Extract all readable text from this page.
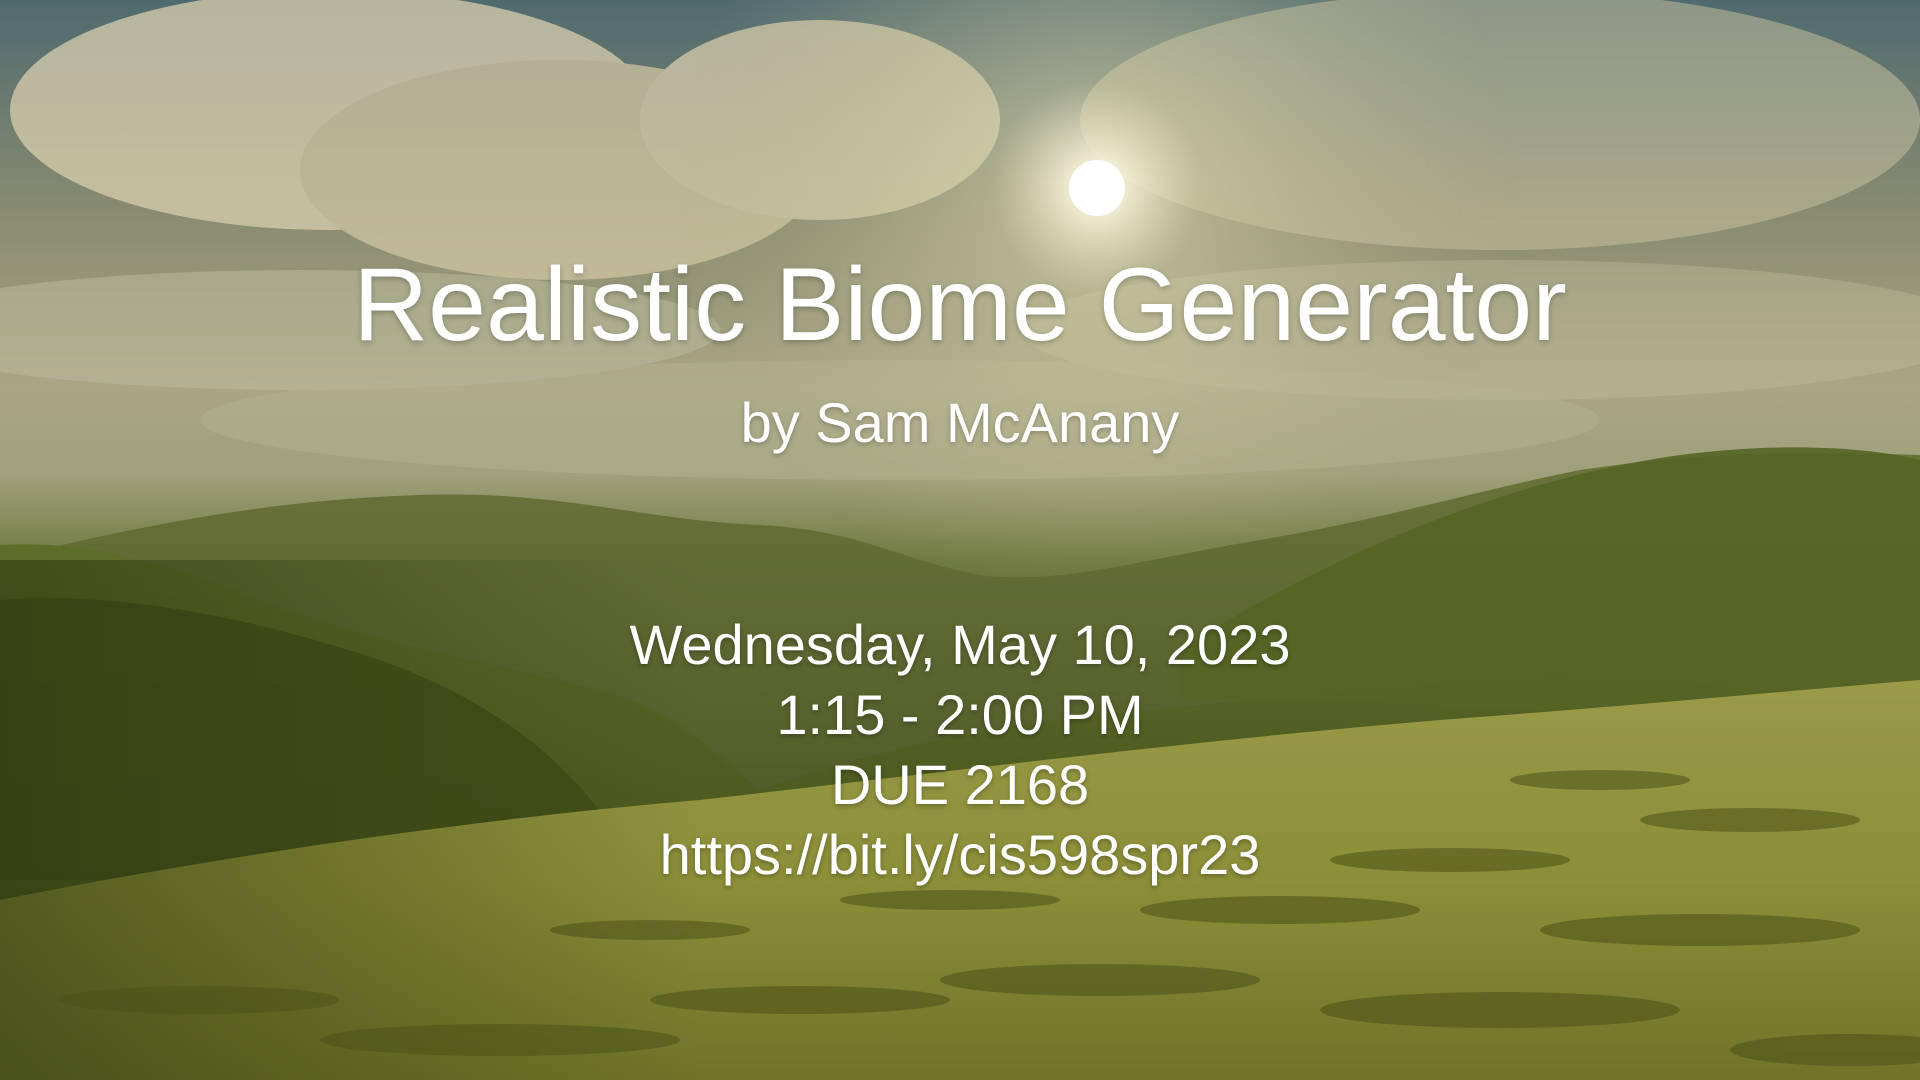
Realistic Biome Generator

by Sam McAnany

Wednesday, May 10, 2023
1:15 - 2:00 PM
DUE 2168
https://bit.ly/cis598spr23
